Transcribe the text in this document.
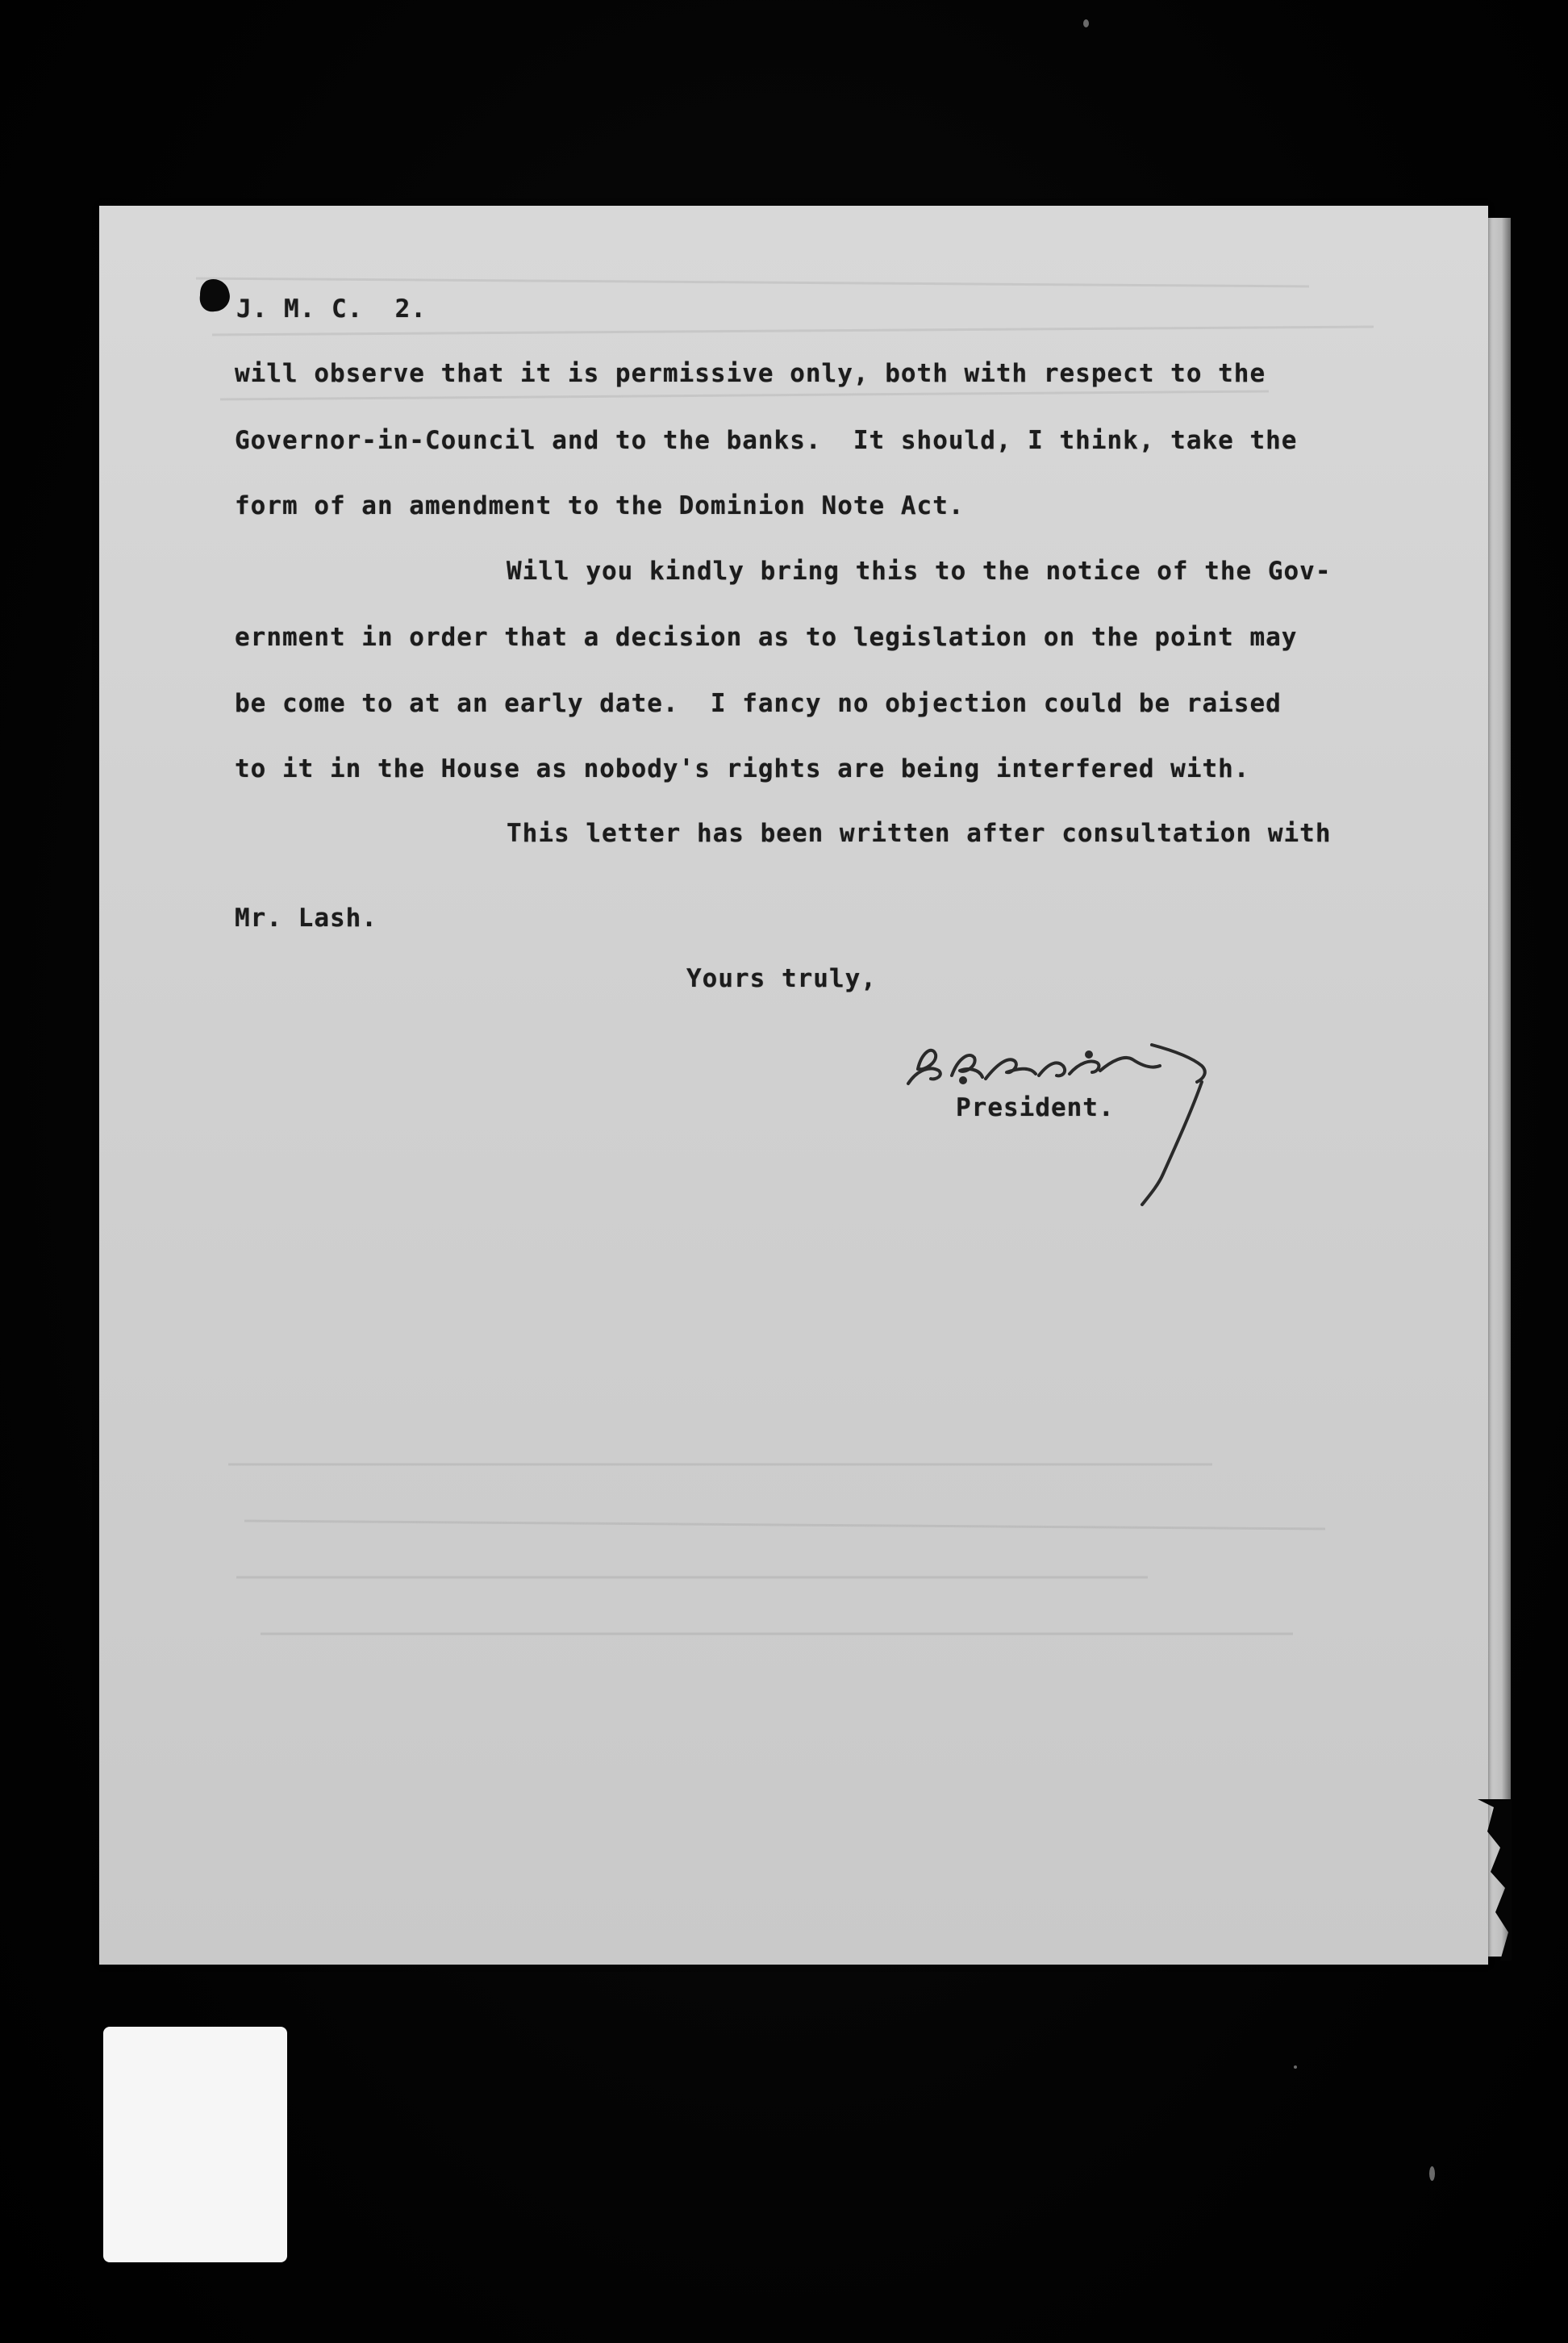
J. M. C.  2.
will observe that it is permissive only, both with respect to the
Governor-in-Council and to the banks.  It should, I think, take the
form of an amendment to the Dominion Note Act.
Will you kindly bring this to the notice of the Gov-
ernment in order that a decision as to legislation on the point may
be come to at an early date.  I fancy no objection could be raised
to it in the House as nobody's rights are being interfered with.
This letter has been written after consultation with
Mr. Lash.
Yours truly,
President.
